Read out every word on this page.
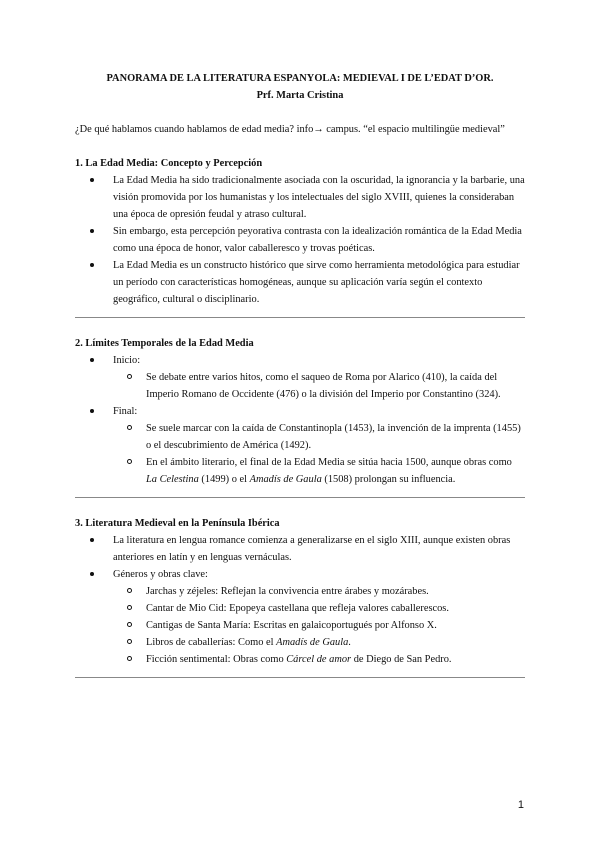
PANORAMA DE LA LITERATURA ESPANYOLA: MEDIEVAL I DE L’EDAT D’OR.
Prf. Marta Cristina
¿De qué hablamos cuando hablamos de edad media? info→ campus. “el espacio multilingüe medieval”

1. La Edad Media: Concepto y Percepción

La Edad Media ha sido tradicionalmente asociada con la oscuridad, la ignorancia y la barbarie, una visión promovida por los humanistas y los intelectuales del siglo XVIII, quienes la consideraban una época de opresión feudal y atraso cultural.
Sin embargo, esta percepción peyorativa contrasta con la idealización romántica de la Edad Media como una época de honor, valor caballeresco y trovas poéticas.
La Edad Media es un constructo histórico que sirve como herramienta metodológica para estudiar un período con características homogéneas, aunque su aplicación varía según el contexto geográfico, cultural o disciplinario.

2. Límites Temporales de la Edad Media

Inicio:
Se debate entre varios hitos, como el saqueo de Roma por Alarico (410), la caída del Imperio Romano de Occidente (476) o la división del Imperio por Constantino (324).
Final:
Se suele marcar con la caída de Constantinopla (1453), la invención de la imprenta (1455) o el descubrimiento de América (1492).
En el ámbito literario, el final de la Edad Media se sitúa hacia 1500, aunque obras como La Celestina (1499) o el Amadís de Gaula (1508) prolongan su influencia.

3. Literatura Medieval en la Península Ibérica

La literatura en lengua romance comienza a generalizarse en el siglo XIII, aunque existen obras anteriores en latín y en lenguas vernáculas.
Géneros y obras clave:
Jarchas y zéjeles: Reflejan la convivencia entre árabes y mozárabes.
Cantar de Mio Cid: Epopeya castellana que refleja valores caballerescos.
Cantigas de Santa María: Escritas en galaicoportugués por Alfonso X.
Libros de caballerías: Como el Amadís de Gaula.
Ficción sentimental: Obras como Cárcel de amor de Diego de San Pedro.
1
